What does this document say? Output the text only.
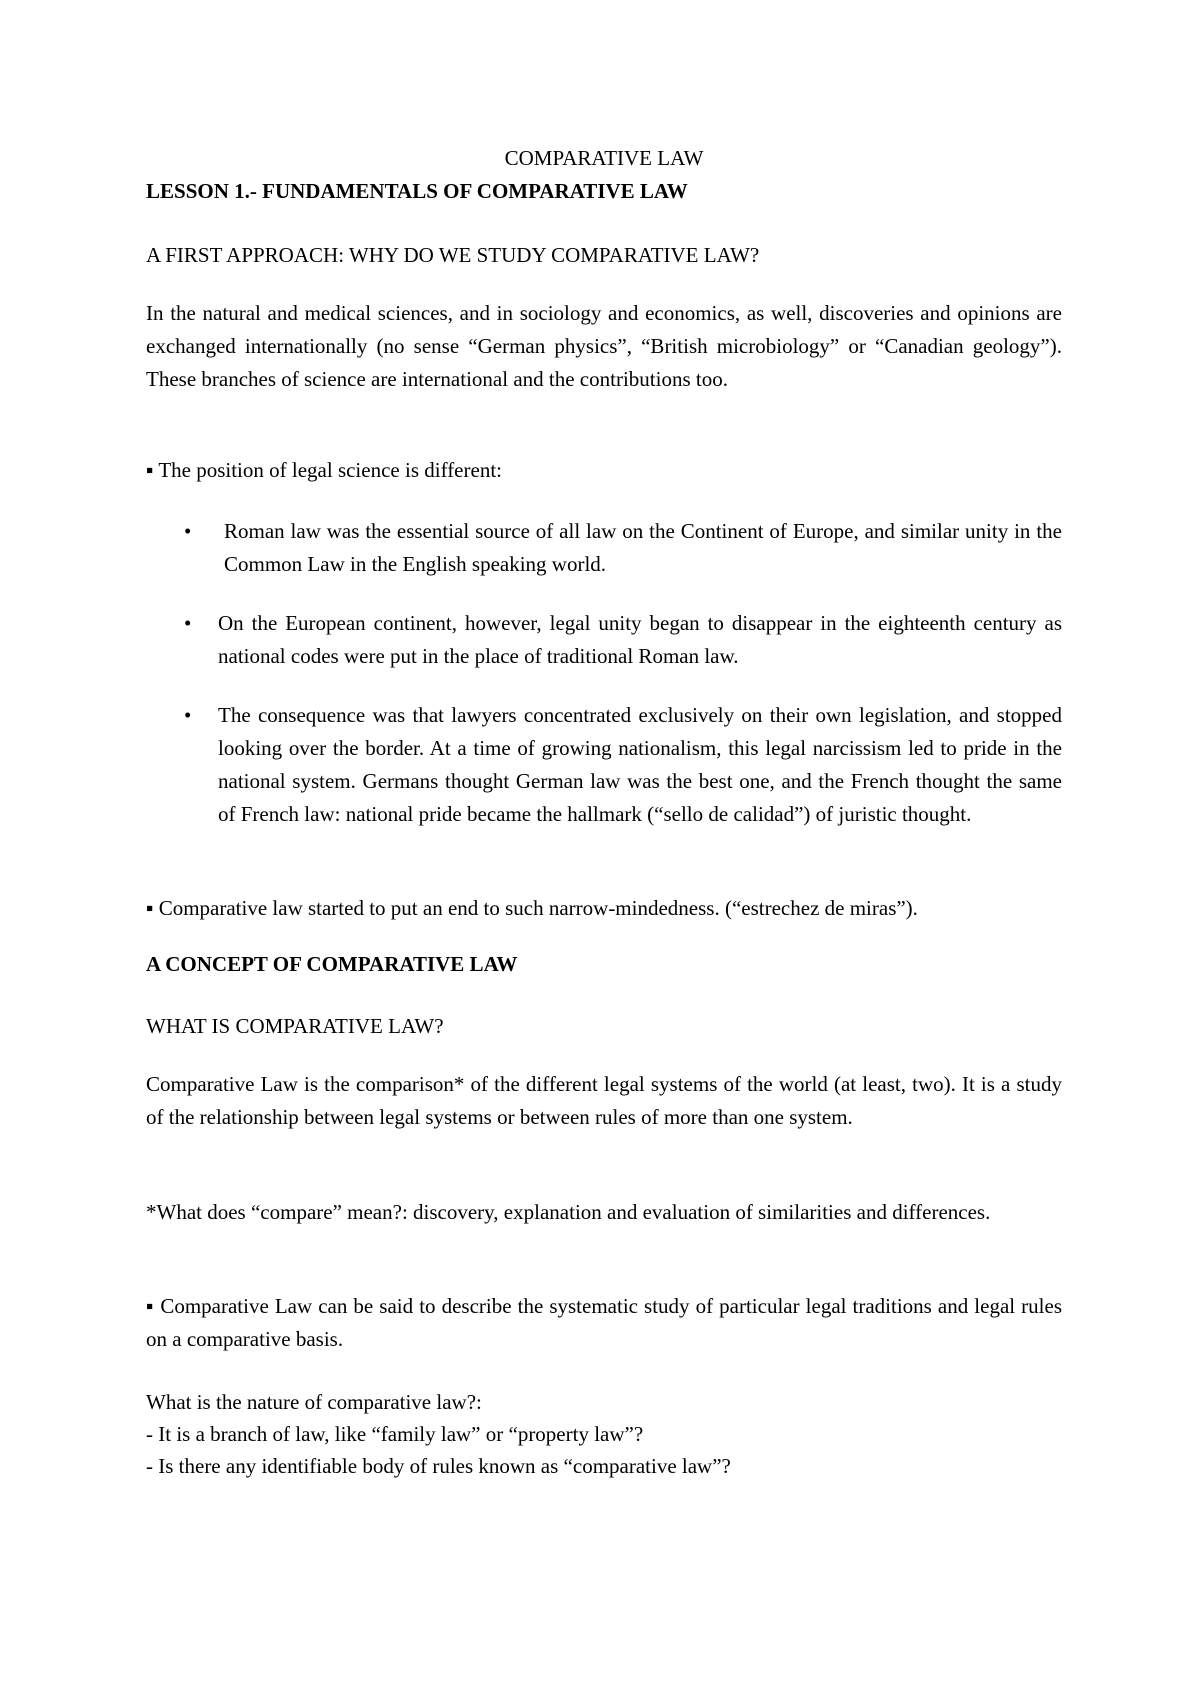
COMPARATIVE LAW
LESSON 1.- FUNDAMENTALS OF COMPARATIVE LAW
A FIRST APPROACH: WHY DO WE STUDY COMPARATIVE LAW?
In the natural and medical sciences, and in sociology and economics, as well, discoveries and opinions are exchanged internationally (no sense “German physics”, “British microbiology” or “Canadian geology”). These branches of science are international and the contributions too.
▪ The position of legal science is different:
• Roman law was the essential source of all law on the Continent of Europe, and similar unity in the Common Law in the English speaking world.
• On the European continent, however, legal unity began to disappear in the eighteenth century as national codes were put in the place of traditional Roman law.
• The consequence was that lawyers concentrated exclusively on their own legislation, and stopped looking over the border. At a time of growing nationalism, this legal narcissism led to pride in the national system. Germans thought German law was the best one, and the French thought the same of French law: national pride became the hallmark (“sello de calidad”) of juristic thought.
▪ Comparative law started to put an end to such narrow-mindedness. (“estrechez de miras”).
A CONCEPT OF COMPARATIVE LAW
WHAT IS COMPARATIVE LAW?
Comparative Law is the comparison* of the different legal systems of the world (at least, two). It is a study of the relationship between legal systems or between rules of more than one system.
*What does “compare” mean?: discovery, explanation and evaluation of similarities and differences.
▪ Comparative Law can be said to describe the systematic study of particular legal traditions and legal rules on a comparative basis.
What is the nature of comparative law?:
- It is a branch of law, like “family law” or “property law”?
- Is there any identifiable body of rules known as “comparative law”?
